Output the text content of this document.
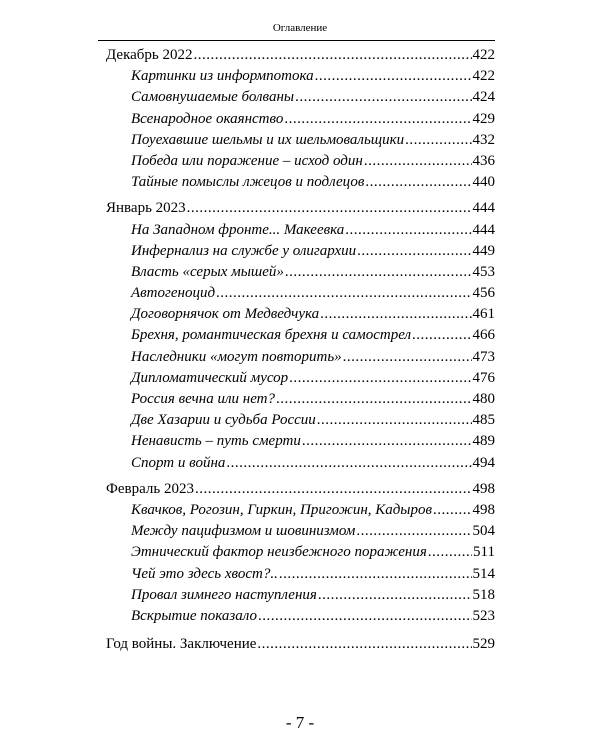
Оглавление
Декабрь 2022 .....	422
Картинки из информпотока .....	422
Самовнушаемые болваны .....	424
Всенародное окаянство .....	429
Поуехавшие шельмы и их шельмовальщики .....	432
Победа или поражение – исход один .....	436
Тайные помыслы лжецов и подлецов .....	440
Январь 2023 .....	444
На Западном фронте... Макеевка .....	444
Инфернализ на службе у олигархии .....	449
Власть «серых мышей» .....	453
Автогеноцид .....	456
Договорнячок от Медведчука .....	461
Брехня, романтическая брехня и самострел .....	466
Наследники «могут повторить» .....	473
Дипломатический мусор .....	476
Россия вечна или нет? .....	480
Две Хазарии и судьба России .....	485
Ненависть – путь смерти .....	489
Спорт и война .....	494
Февраль 2023 .....	498
Квачков, Рогозин, Гиркин, Пригожин, Кадыров .....	498
Между пацифизмом и шовинизмом .....	504
Этнический фактор неизбежного поражения .....	511
Чей это здесь хвост?.. .....	514
Провал зимнего наступления .....	518
Вскрытие показало .....	523
Год войны. Заключение .....	529
- 7 -
